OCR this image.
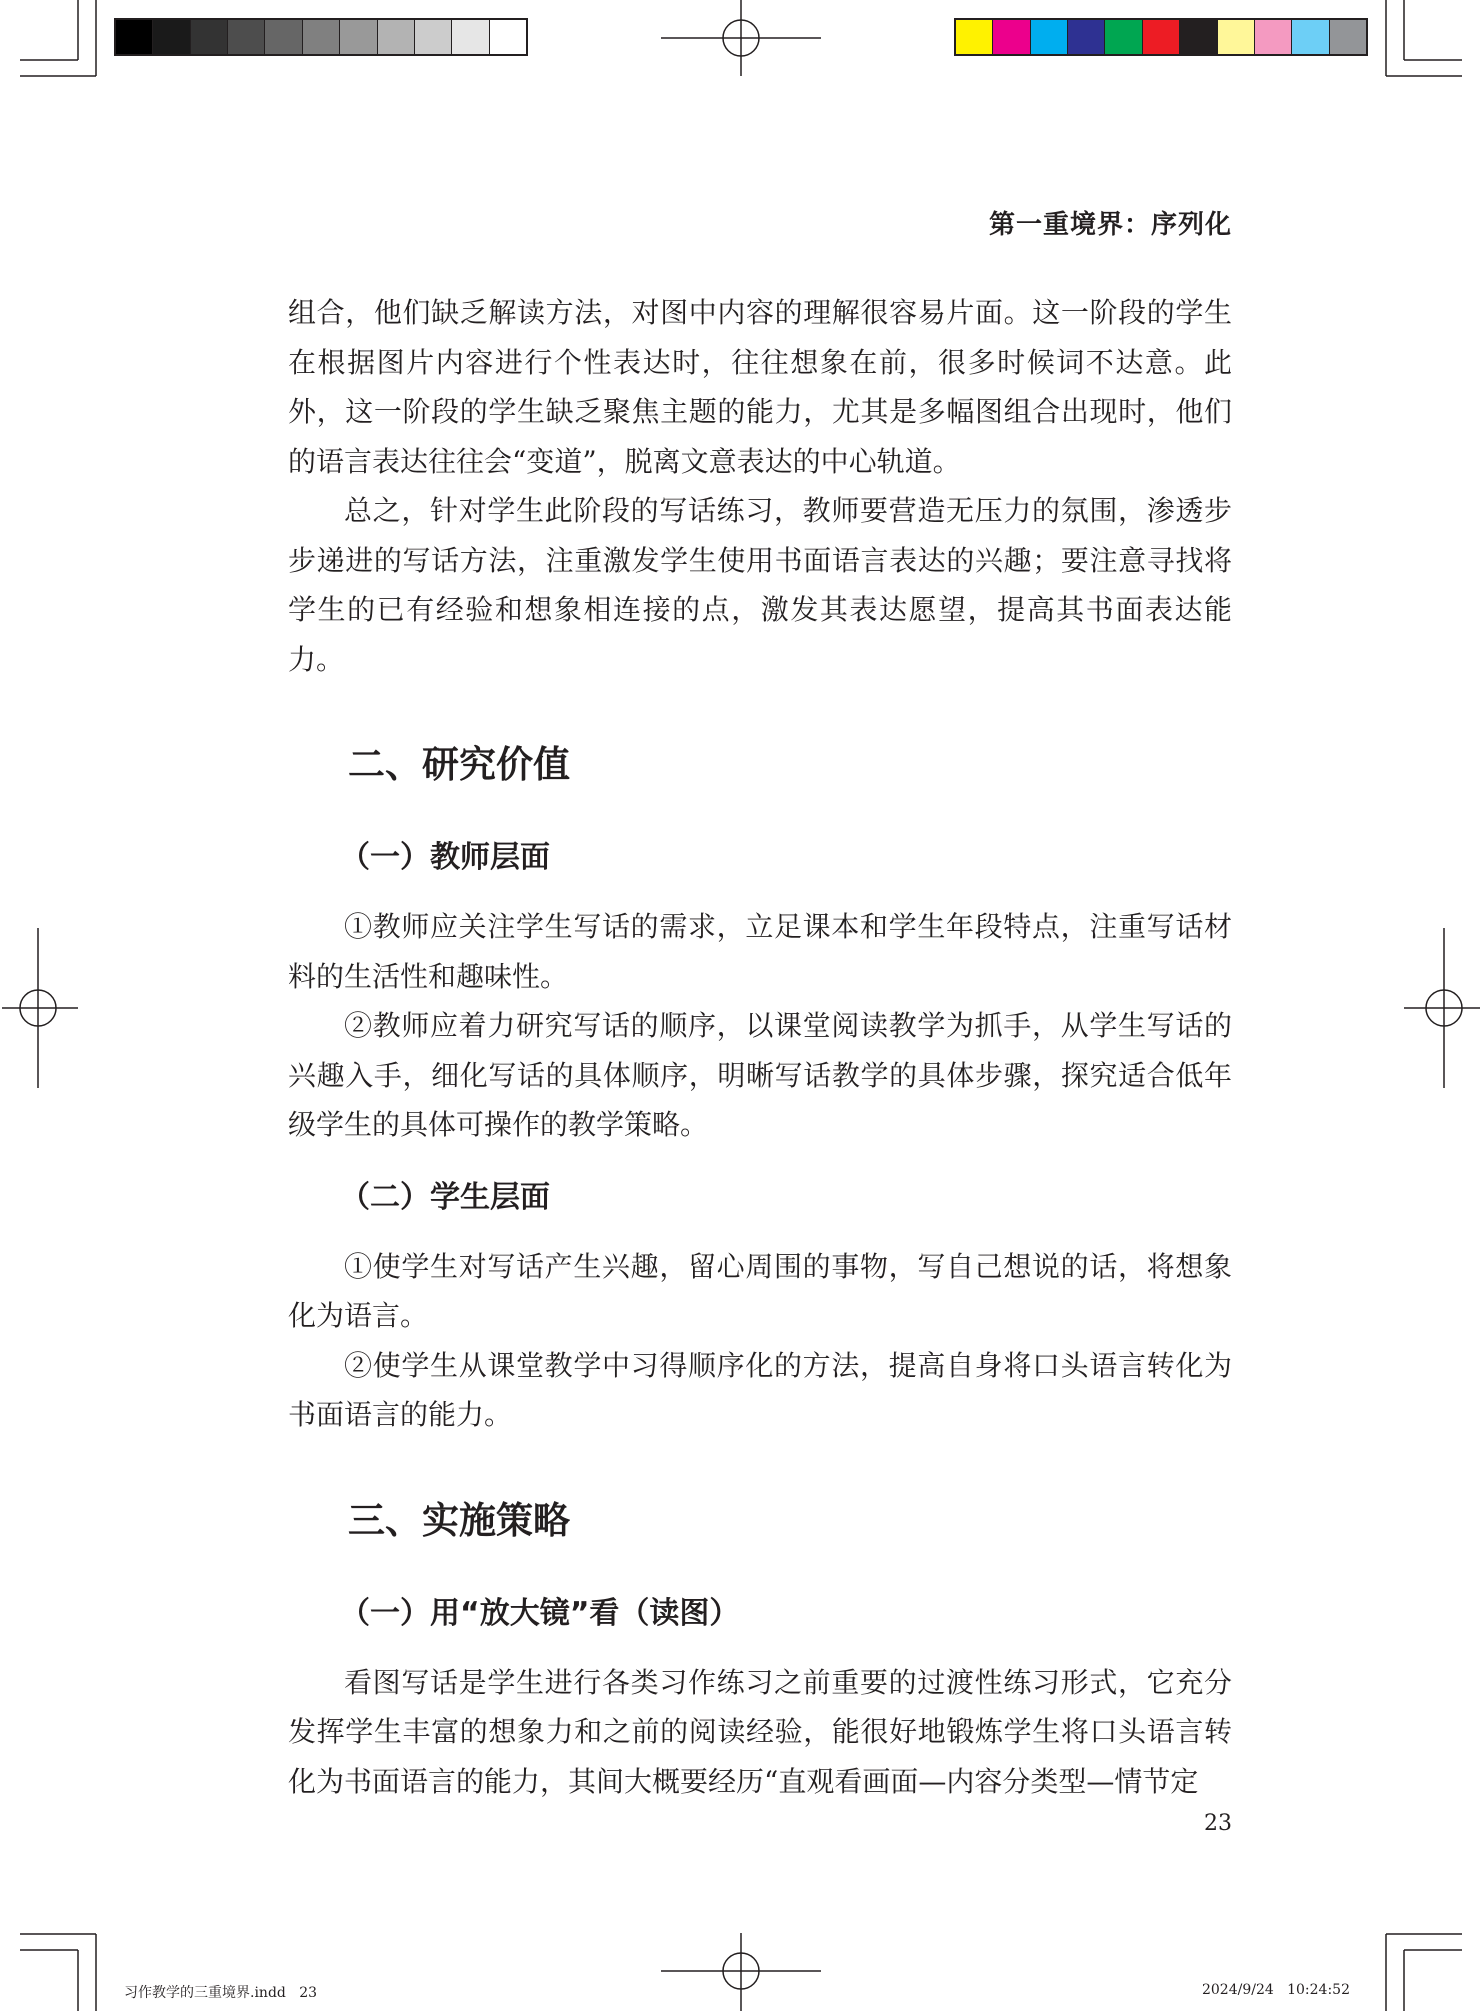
第一重境界：序列化

组合，他们缺乏解读方法，对图中内容的理解很容易片面。这一阶段的学生在根据图片内容进行个性表达时，往往想象在前，很多时候词不达意。此外，这一阶段的学生缺乏聚焦主题的能力，尤其是多幅图组合出现时，他们的语言表达往往会“变道”，脱离文意表达的中心轨道。

总之，针对学生此阶段的写话练习，教师要营造无压力的氛围，渗透步步递进的写话方法，注重激发学生使用书面语言表达的兴趣；要注意寻找将学生的已有经验和想象相连接的点，激发其表达愿望，提高其书面表达能力。

二、研究价值
（一）教师层面

①教师应关注学生写话的需求，立足课本和学生年段特点，注重写话材料的生活性和趣味性。

②教师应着力研究写话的顺序，以课堂阅读教学为抓手，从学生写话的兴趣入手，细化写话的具体顺序，明晰写话教学的具体步骤，探究适合低年级学生的具体可操作的教学策略。

（二）学生层面

①使学生对写话产生兴趣，留心周围的事物，写自己想说的话，将想象化为语言。

②使学生从课堂教学中习得顺序化的方法，提高自身将口头语言转化为书面语言的能力。

三、实施策略
（一）用“放大镜”看（读图）

看图写话是学生进行各类习作练习之前重要的过渡性练习形式，它充分发挥学生丰富的想象力和之前的阅读经验，能很好地锻炼学生将口头语言转化为书面语言的能力，其间大概要经历“直观看画面—内容分类型—情节定

23
习作教学的三重境界.indd   23	2024/9/24   10:24:52
